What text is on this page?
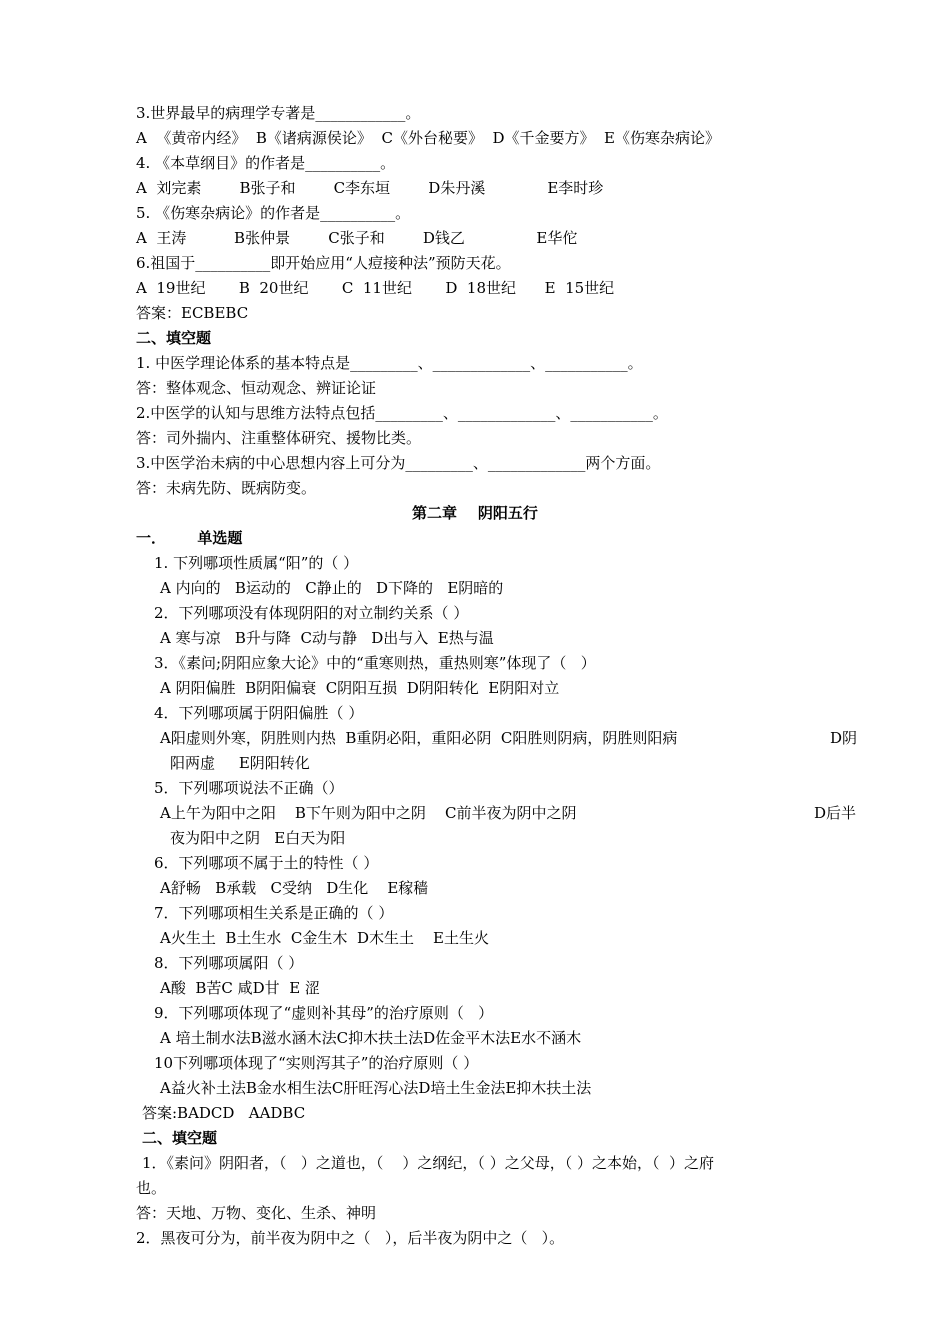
3.世界最早的病理学专著是____________。
A  《黄帝内经》  B《诸病源侯论》  C《外台秘要》  D《千金要方》  E《伤寒杂病论》
4. 《本草纲目》的作者是__________。
A  刘完素        B张子和        C李东垣        D朱丹溪             E李时珍
5. 《伤寒杂病论》的作者是__________。
A  王涛          B张仲景        C张子和        D钱乙               E华佗
6.祖国于__________即开始应用“人痘接种法”预防天花。
A  19世纪       B  20世纪       C  11世纪       D  18世纪      E  15世纪
答案：ECBEBC
二、填空题
1. 中医学理论体系的基本特点是_________、_____________、___________。
答：整体观念、恒动观念、辨证论证
2.中医学的认知与思维方法特点包括_________、_____________、___________。
答：司外揣内、注重整体研究、援物比类。
3.中医学治未病的中心思想内容上可分为_________、_____________两个方面。
答：未病先防、既病防变。
第二章    阴阳五行
一．      单选题
1. 下列哪项性质属“阳”的（ ）
A 内向的   B运动的   C静止的   D下降的   E阴暗的
2．下列哪项没有体现阴阳的对立制约关系（ ）
A 寒与凉   B升与降  C动与静   D出与入  E热与温
3．《素问;阴阳应象大论》中的“重寒则热，重热则寒”体现了（   ）
A 阴阳偏胜  B阴阳偏衰  C阴阳互损  D阴阳转化  E阴阳对立
4．下列哪项属于阴阳偏胜（ ）
A阳虚则外寒，阴胜则内热  B重阴必阳，重阳必阴  C阳胜则阴病，阴胜则阳病	D阴
阳两虚     E阴阳转化
5．下列哪项说法不正确（）
A上午为阳中之阳    B下午则为阳中之阴    C前半夜为阴中之阴	D后半
夜为阳中之阴   E白天为阳
6．下列哪项不属于土的特性（ ）
A舒畅   B承载   C受纳   D生化    E稼穑
7．下列哪项相生关系是正确的（ ）
A火生土  B土生水  C金生木  D木生土    E土生火
8．下列哪项属阳（ ）
A酸  B苦C 咸D甘  E 涩
9．下列哪项体现了“虚则补其母”的治疗原则（   ）
A 培土制水法B滋水涵木法C抑木扶土法D佐金平木法E水不涵木
10下列哪项体现了“实则泻其子”的治疗原则（ ）
A益火补土法B金水相生法C肝旺泻心法D培土生金法E抑木扶土法
答案:BADCD   AADBC
二、填空题
1．《素问》阴阳者，（   ）之道也，（    ）之纲纪，（ ）之父母，（ ）之本始，（  ）之府
也。
答：天地、万物、变化、生杀、神明
2．黑夜可分为，前半夜为阴中之（   ），后半夜为阴中之（   ）。
